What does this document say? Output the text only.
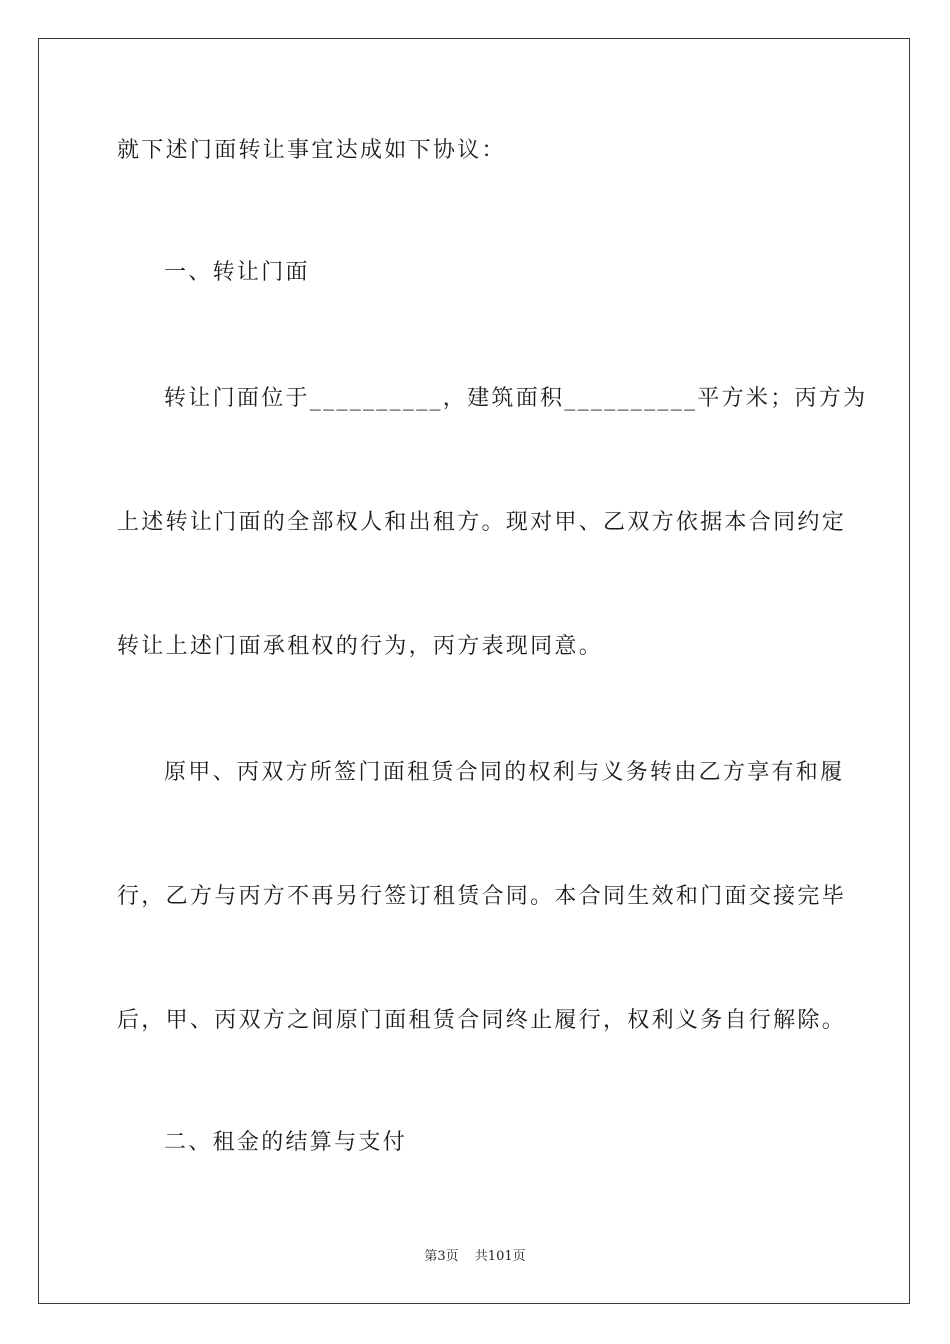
就下述门面转让事宜达成如下协议：
一、转让门面
转让门面位于__________，建筑面积__________平方米；丙方为
上述转让门面的全部权人和出租方。现对甲、乙双方依据本合同约定
转让上述门面承租权的行为，丙方表现同意。
原甲、丙双方所签门面租赁合同的权利与义务转由乙方享有和履
行，乙方与丙方不再另行签订租赁合同。本合同生效和门面交接完毕
后，甲、丙双方之间原门面租赁合同终止履行，权利义务自行解除。
二、租金的结算与支付
第3页 共101页
